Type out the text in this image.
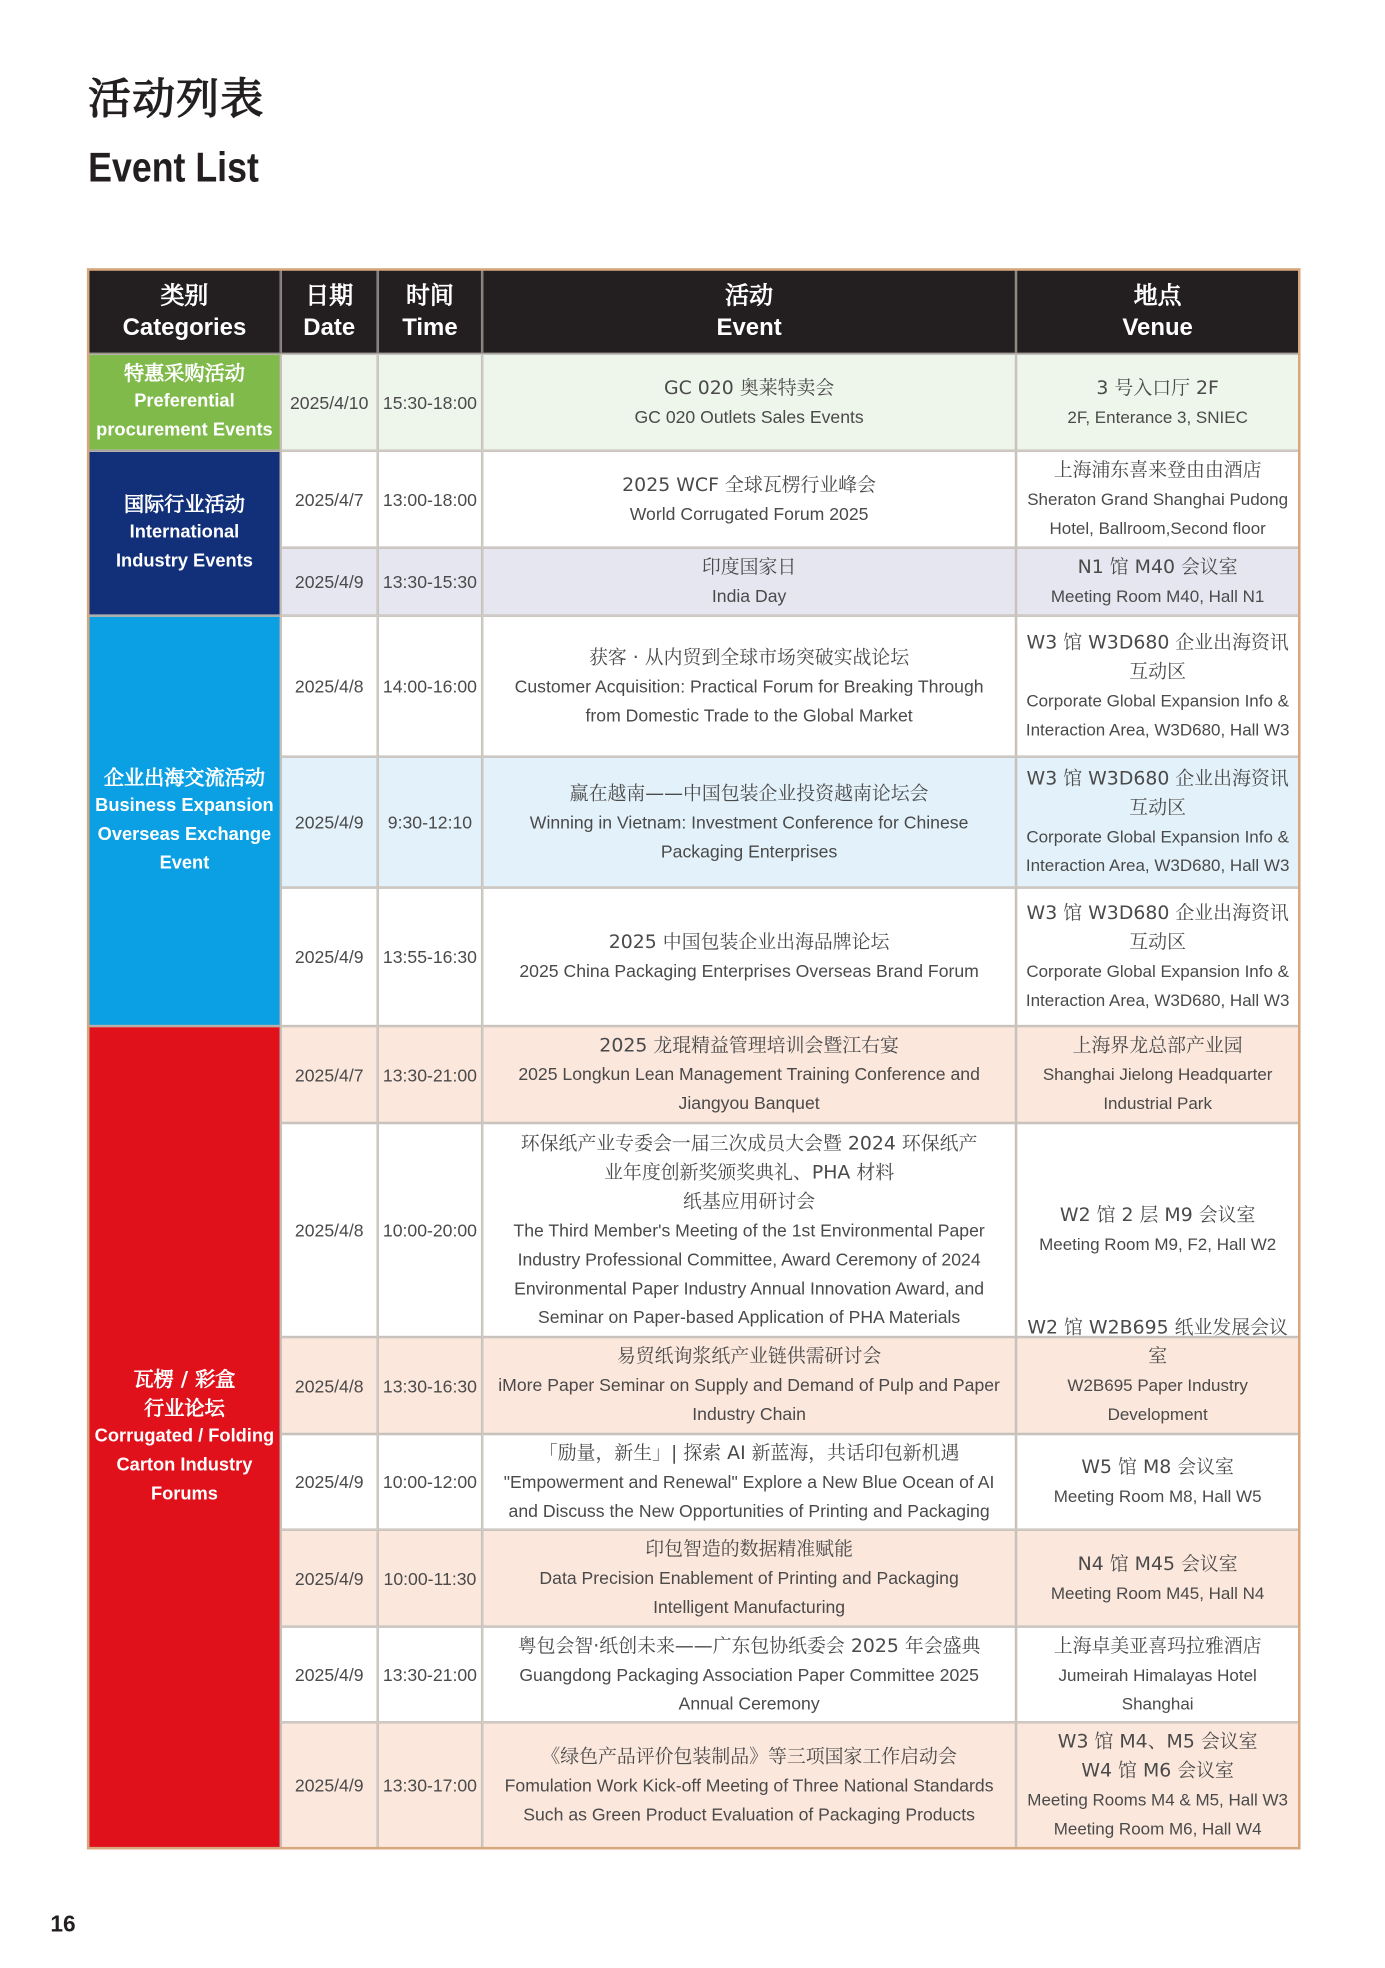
活动列表
Event List
类别
Categories
日期
Date
时间
Time
活动
Event
地点
Venue
特惠采购活动
Preferential
procurement Events
国际行业活动
International
Industry Events
企业出海交流活动
Business Expansion
Overseas Exchange
Event
瓦楞 / 彩盒
行业论坛
Corrugated / Folding
Carton Industry
Forums
2025/4/10 15:30-18:00
GC 020 奥莱特卖会
GC 020 Outlets Sales Events
3 号入口厅 2F
2F, Enterance 3, SNIEC
2025/4/7 13:00-18:00
2025 WCF 全球瓦楞行业峰会
World Corrugated Forum 2025
上海浦东喜来登由由酒店
Sheraton Grand Shanghai Pudong
Hotel, Ballroom,Second floor
2025/4/9 13:30-15:30
印度国家日
India Day
N1 馆 M40 会议室
Meeting Room M40, Hall N1
2025/4/8 14:00-16:00
获客 · 从内贸到全球市场突破实战论坛
Customer Acquisition: Practical Forum for Breaking Through
from Domestic Trade to the Global Market
W3 馆 W3D680 企业出海资讯
互动区
Corporate Global Expansion Info &
Interaction Area, W3D680, Hall W3
2025/4/9 9:30-12:10
赢在越南——中国包装企业投资越南论坛会
Winning in Vietnam: Investment Conference for Chinese
Packaging Enterprises
W3 馆 W3D680 企业出海资讯
互动区
Corporate Global Expansion Info &
Interaction Area, W3D680, Hall W3
2025/4/9 13:55-16:30
2025 中国包装企业出海品牌论坛
2025 China Packaging Enterprises Overseas Brand Forum
W3 馆 W3D680 企业出海资讯
互动区
Corporate Global Expansion Info &
Interaction Area, W3D680, Hall W3
2025/4/7 13:30-21:00
2025 龙琨精益管理培训会暨江右宴
2025 Longkun Lean Management Training Conference and
Jiangyou Banquet
上海界龙总部产业园
Shanghai Jielong Headquarter
Industrial Park
2025/4/8 10:00-20:00
环保纸产业专委会一届三次成员大会暨 2024 环保纸产
业年度创新奖颁奖典礼、PHA 材料
纸基应用研讨会
The Third Member's Meeting of the 1st Environmental Paper
Industry Professional Committee, Award Ceremony of 2024
Environmental Paper Industry Annual Innovation Award, and
Seminar on Paper-based Application of PHA Materials
W2 馆 2 层 M9 会议室
Meeting Room M9, F2, Hall W2
2025/4/8 13:30-16:30
易贸纸询浆纸产业链供需研讨会
iMore Paper Seminar on Supply and Demand of Pulp and Paper
Industry Chain
W2 馆 W2B695 纸业发展会议室
W2B695 Paper Industry Development
2025/4/9 10:00-12:00
「励量，新生」| 探索 AI 新蓝海，共话印包新机遇
"Empowerment and Renewal" Explore a New Blue Ocean of AI
and Discuss the New Opportunities of Printing and Packaging
W5 馆 M8 会议室
Meeting Room M8, Hall W5
2025/4/9 10:00-11:30
印包智造的数据精准赋能
Data Precision Enablement of Printing and Packaging
Intelligent Manufacturing
N4 馆 M45 会议室
Meeting Room M45, Hall N4
2025/4/9 13:30-21:00
粤包会智·纸创未来——广东包协纸委会 2025 年会盛典
Guangdong Packaging Association Paper Committee 2025
Annual Ceremony
上海卓美亚喜玛拉雅酒店
Jumeirah Himalayas Hotel Shanghai
2025/4/9 13:30-17:00
《绿色产品评价包装制品》等三项国家工作启动会
Fomulation Work Kick-off Meeting of Three National Standards
Such as Green Product Evaluation of Packaging Products
W3 馆 M4、M5 会议室
W4 馆 M6 会议室
Meeting Rooms M4 & M5, Hall W3
Meeting Room M6, Hall W4
16
